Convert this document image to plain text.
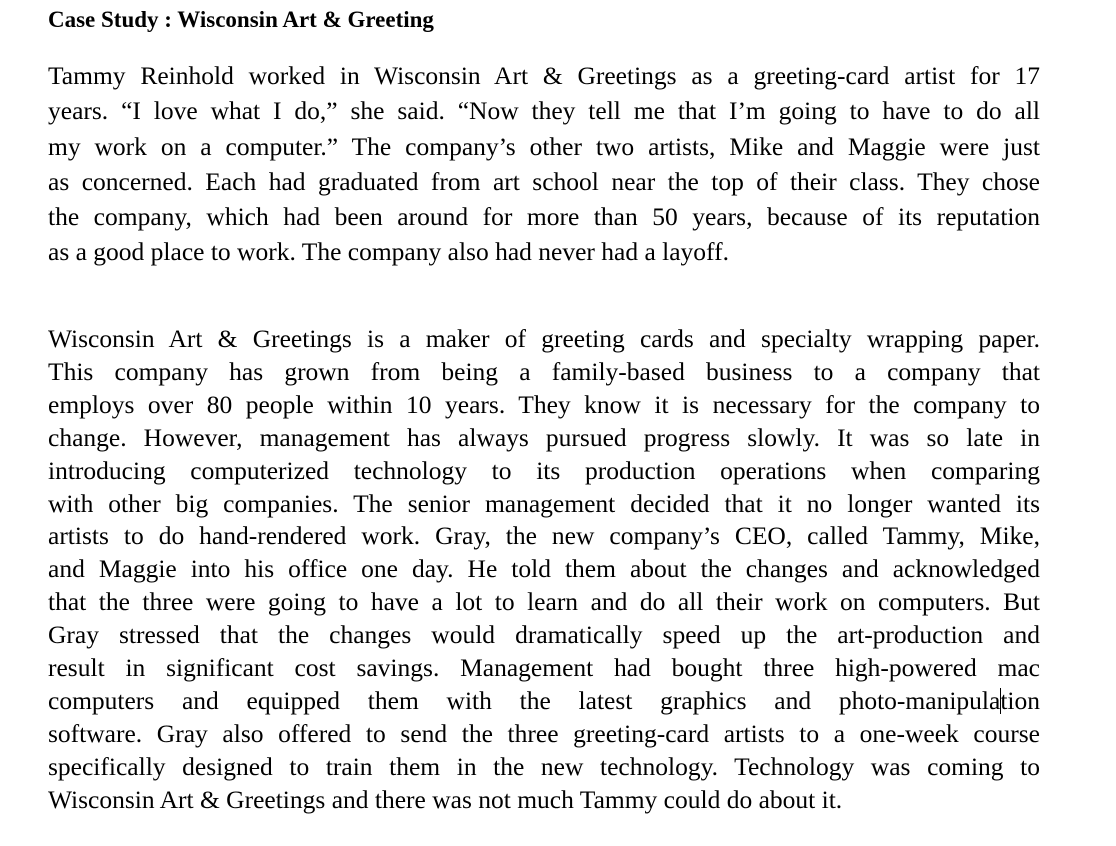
Case Study : Wisconsin Art & Greeting
Tammy Reinhold worked in Wisconsin Art & Greetings as a greeting-card artist for 17
years. “I love what I do,” she said. “Now they tell me that I’m going to have to do all
my work on a computer.” The company’s other two artists, Mike and Maggie were just
as concerned. Each had graduated from art school near the top of their class. They chose
the company, which had been around for more than 50 years, because of its reputation
as a good place to work. The company also had never had a layoff.
Wisconsin Art & Greetings is a maker of greeting cards and specialty wrapping paper.
This company has grown from being a family-based business to a company that
employs over 80 people within 10 years. They know it is necessary for the company to
change. However, management has always pursued progress slowly. It was so late in
introducing computerized technology to its production operations when comparing
with other big companies. The senior management decided that it no longer wanted its
artists to do hand-rendered work. Gray, the new company’s CEO, called Tammy, Mike,
and Maggie into his office one day. He told them about the changes and acknowledged
that the three were going to have a lot to learn and do all their work on computers. But
Gray stressed that the changes would dramatically speed up the art-production and
result in significant cost savings. Management had bought three high-powered mac
computers and equipped them with the latest graphics and photo-manipulation
software. Gray also offered to send the three greeting-card artists to a one-week course
specifically designed to train them in the new technology. Technology was coming to
Wisconsin Art & Greetings and there was not much Tammy could do about it.
